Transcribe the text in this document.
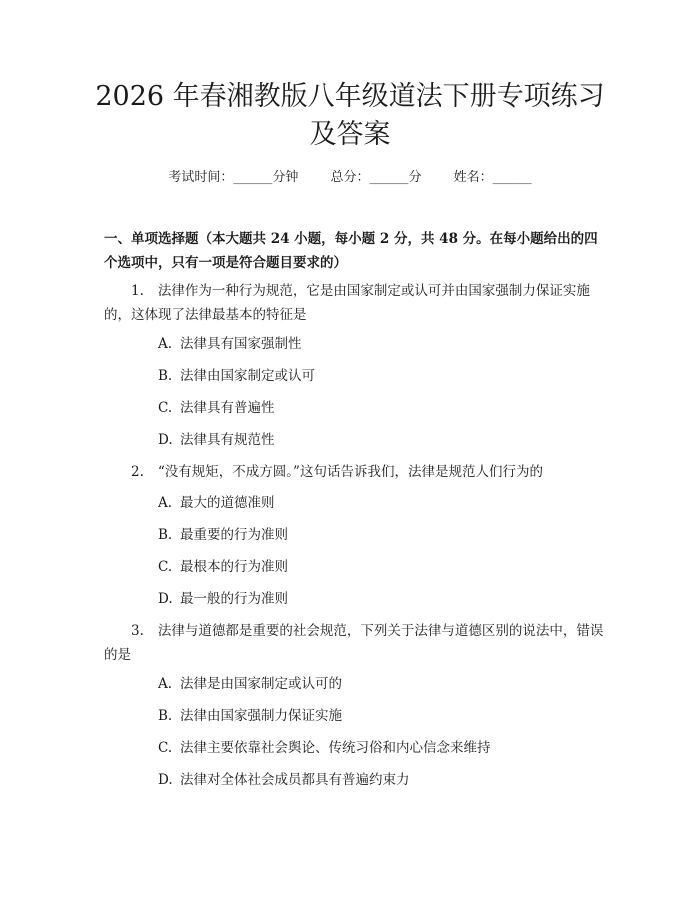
2026 年春湘教版八年级道法下册专项练习及答案
考试时间：______分钟 总分：______分 姓名：______

一、单项选择题（本大题共 24 小题，每小题 2 分，共 48 分。在每小题给出的四个选项中，只有一项是符合题目要求的）

1. 法律作为一种行为规范，它是由国家制定或认可并由国家强制力保证实施的，这体现了法律最基本的特征是

A. 法律具有国家强制性

B. 法律由国家制定或认可

C. 法律具有普遍性

D. 法律具有规范性

2. “没有规矩，不成方圆。”这句话告诉我们，法律是规范人们行为的

A. 最大的道德准则

B. 最重要的行为准则

C. 最根本的行为准则

D. 最一般的行为准则

3. 法律与道德都是重要的社会规范，下列关于法律与道德区别的说法中，错误的是

A. 法律是由国家制定或认可的

B. 法律由国家强制力保证实施

C. 法律主要依靠社会舆论、传统习俗和内心信念来维持

D. 法律对全体社会成员都具有普遍约束力
